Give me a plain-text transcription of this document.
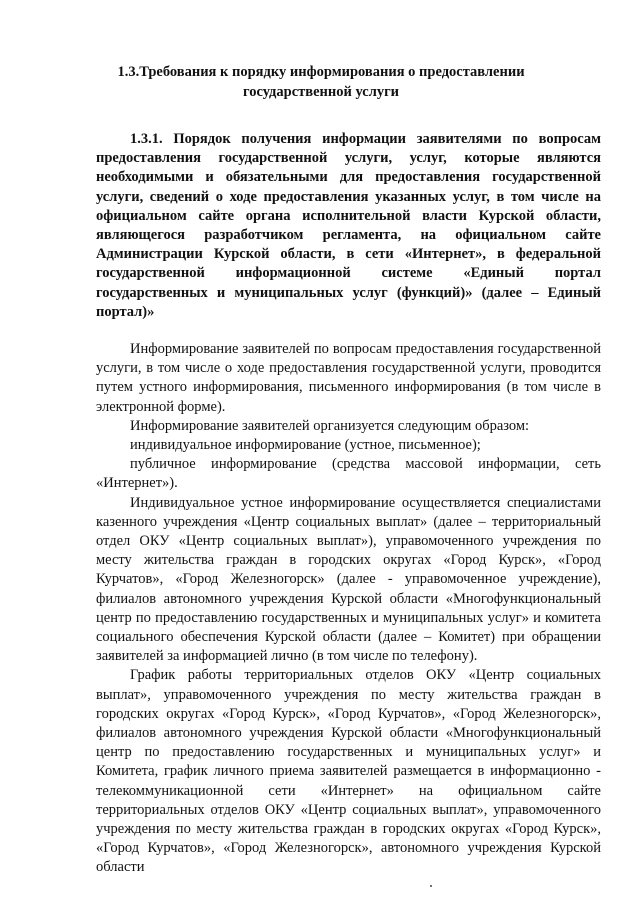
1.3.Требования к порядку информирования о предоставлении
государственной услуги
1.3.1. Порядок получения информации заявителями по вопросам предоставления государственной услуги, услуг, которые являются необходимыми и обязательными для предоставления государственной услуги, сведений о ходе предоставления указанных услуг, в том числе на официальном сайте органа исполнительной власти Курской области, являющегося разработчиком регламента, на официальном сайте Администрации Курской области, в сети «Интернет», в федеральной государственной информационной системе «Единый портал государственных и муниципальных услуг (функций)» (далее – Единый портал)»

Информирование заявителей по вопросам предоставления государственной услуги, в том числе о ходе предоставления государственной услуги, проводится путем устного информирования, письменного информирования (в том числе в электронной форме).

Информирование заявителей организуется следующим образом:

индивидуальное информирование (устное, письменное);

публичное информирование (средства массовой информации, сеть «Интернет»).

Индивидуальное устное информирование осуществляется специалистами казенного учреждения «Центр социальных выплат» (далее – территориальный отдел ОКУ «Центр социальных выплат»), управомоченного учреждения по месту жительства граждан в городских округах «Город Курск», «Город Курчатов», «Город Железногорск» (далее - управомоченное учреждение), филиалов автономного учреждения Курской области «Многофункциональный центр по предоставлению государственных и муниципальных услуг» и комитета социального обеспечения Курской области (далее – Комитет) при обращении заявителей за информацией лично (в том числе по телефону).

График работы территориальных отделов ОКУ «Центр социальных выплат», управомоченного учреждения по месту жительства граждан в городских округах «Город Курск», «Город Курчатов», «Город Железногорск», филиалов автономного учреждения Курской области «Многофункциональный центр по предоставлению государственных и муниципальных услуг» и Комитета, график личного приема заявителей размещается в информационно - телекоммуникационной сети «Интернет» на официальном сайте территориальных отделов ОКУ «Центр социальных выплат», управомоченного учреждения по месту жительства граждан в городских округах «Город Курск», «Город Курчатов», «Город Железногорск», автономного учреждения Курской области
